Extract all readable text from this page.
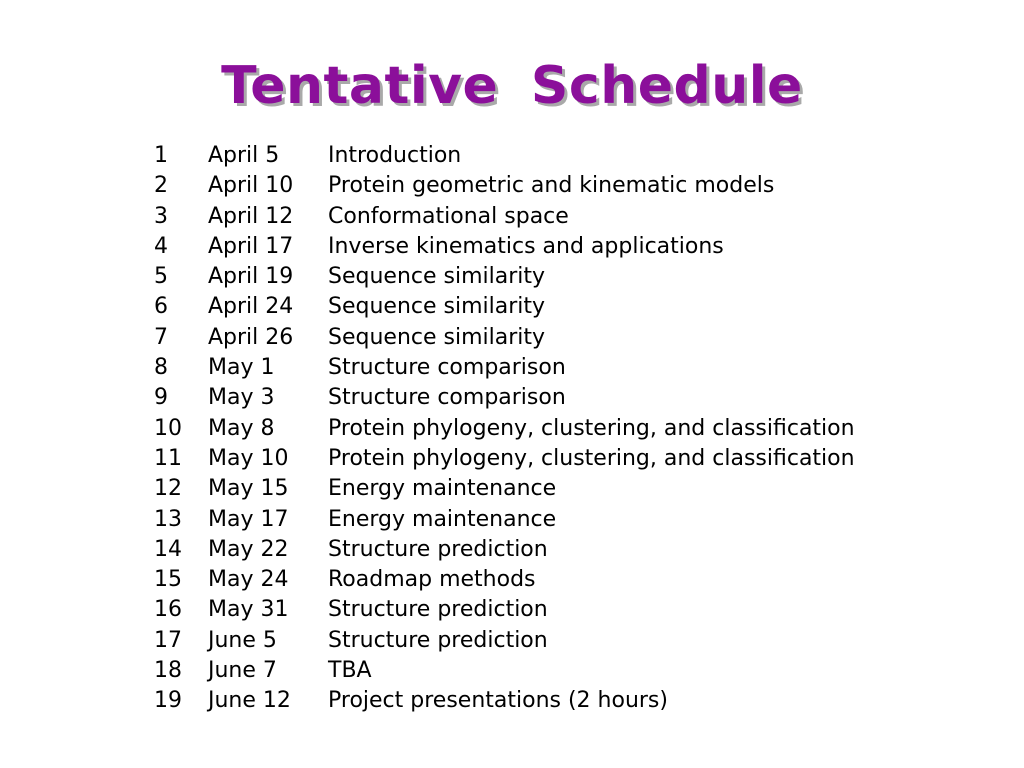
Tentative Schedule
1	April 5	Introduction
2	April 10	Protein geometric and kinematic models
3	April 12	Conformational space
4	April 17	Inverse kinematics and applications
5	April 19	Sequence similarity
6	April 24	Sequence similarity
7	April 26	Sequence similarity
8	May 1	Structure comparison
9	May 3	Structure comparison
10	May 8	Protein phylogeny, clustering, and classification
11	May 10	Protein phylogeny, clustering, and classification
12	May 15	Energy maintenance
13	May 17	Energy maintenance
14	May 22	Structure prediction
15	May 24	Roadmap methods
16	May 31	Structure prediction
17	June 5	Structure prediction
18	June 7	TBA
19	June 12	Project presentations (2 hours)
